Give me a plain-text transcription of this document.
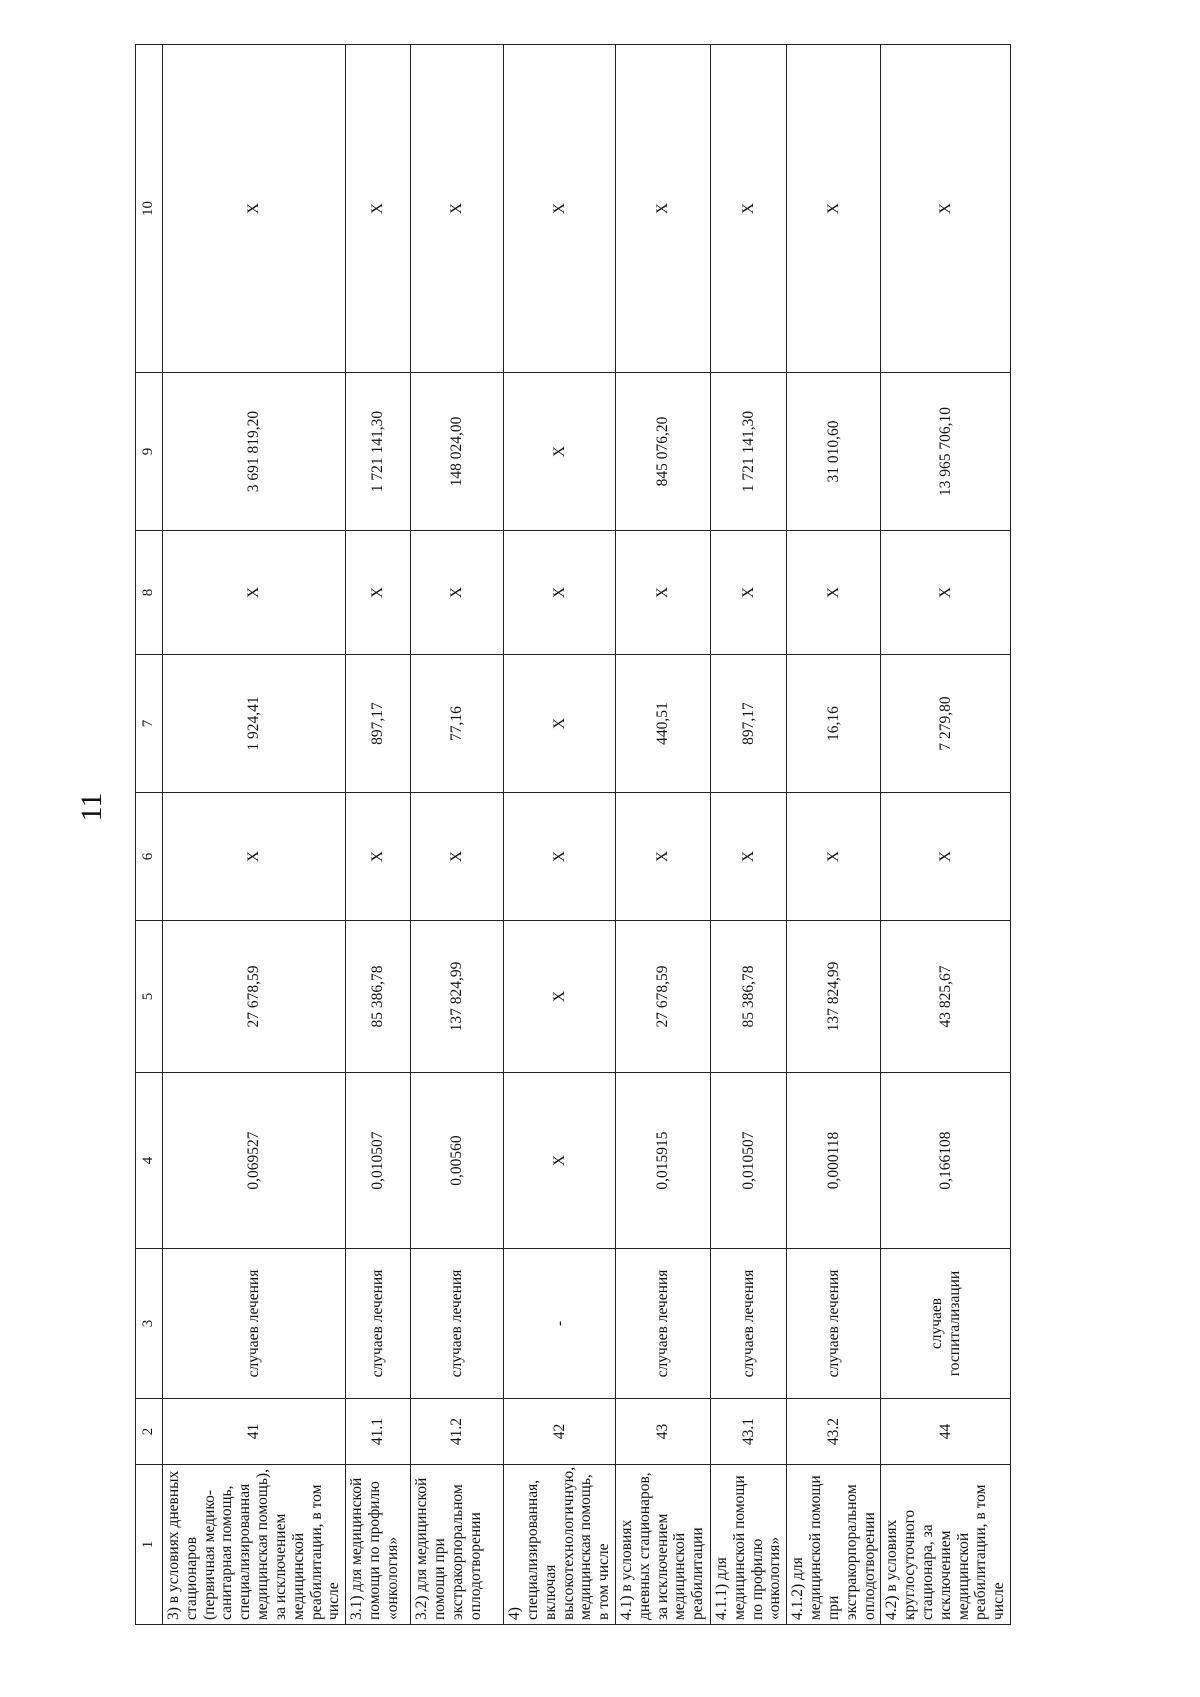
11
1	2	3	4	5	6	7	8	9	10
3) в условиях дневных стационаров (первичная медико-санитарная помощь, специализированная медицинская помощь), за исключением медицинской реабилитации, в том числе	41	случаев лечения	0,069527	27 678,59	X	1 924,41	X	3 691 819,20	X
3.1) для медицинской помощи по профилю «онкология»	41.1	случаев лечения	0,010507	85 386,78	X	897,17	X	1 721 141,30	X
3.2) для медицинской помощи при экстракорпоральном оплодотворении	41.2	случаев лечения	0,00560	137 824,99	X	77,16	X	148 024,00	X
4) специализированная, включая высокотехнологичную, медицинская помощь, в том числе	42	-	X	X	X	X	X	X	X
4.1) в условиях дневных стационаров, за исключением медицинской реабилитации	43	случаев лечения	0,015915	27 678,59	X	440,51	X	845 076,20	X
4.1.1) для медицинской помощи по профилю «онкология»	43.1	случаев лечения	0,010507	85 386,78	X	897,17	X	1 721 141,30	X
4.1.2) для медицинской помощи при экстракорпоральном оплодотворении	43.2	случаев лечения	0,000118	137 824,99	X	16,16	X	31 010,60	X
4.2) в условиях круглосуточного стационара, за исключением медицинской реабилитации, в том числе	44	случаев госпитализации	0,166108	43 825,67	X	7 279,80	X	13 965 706,10	X
